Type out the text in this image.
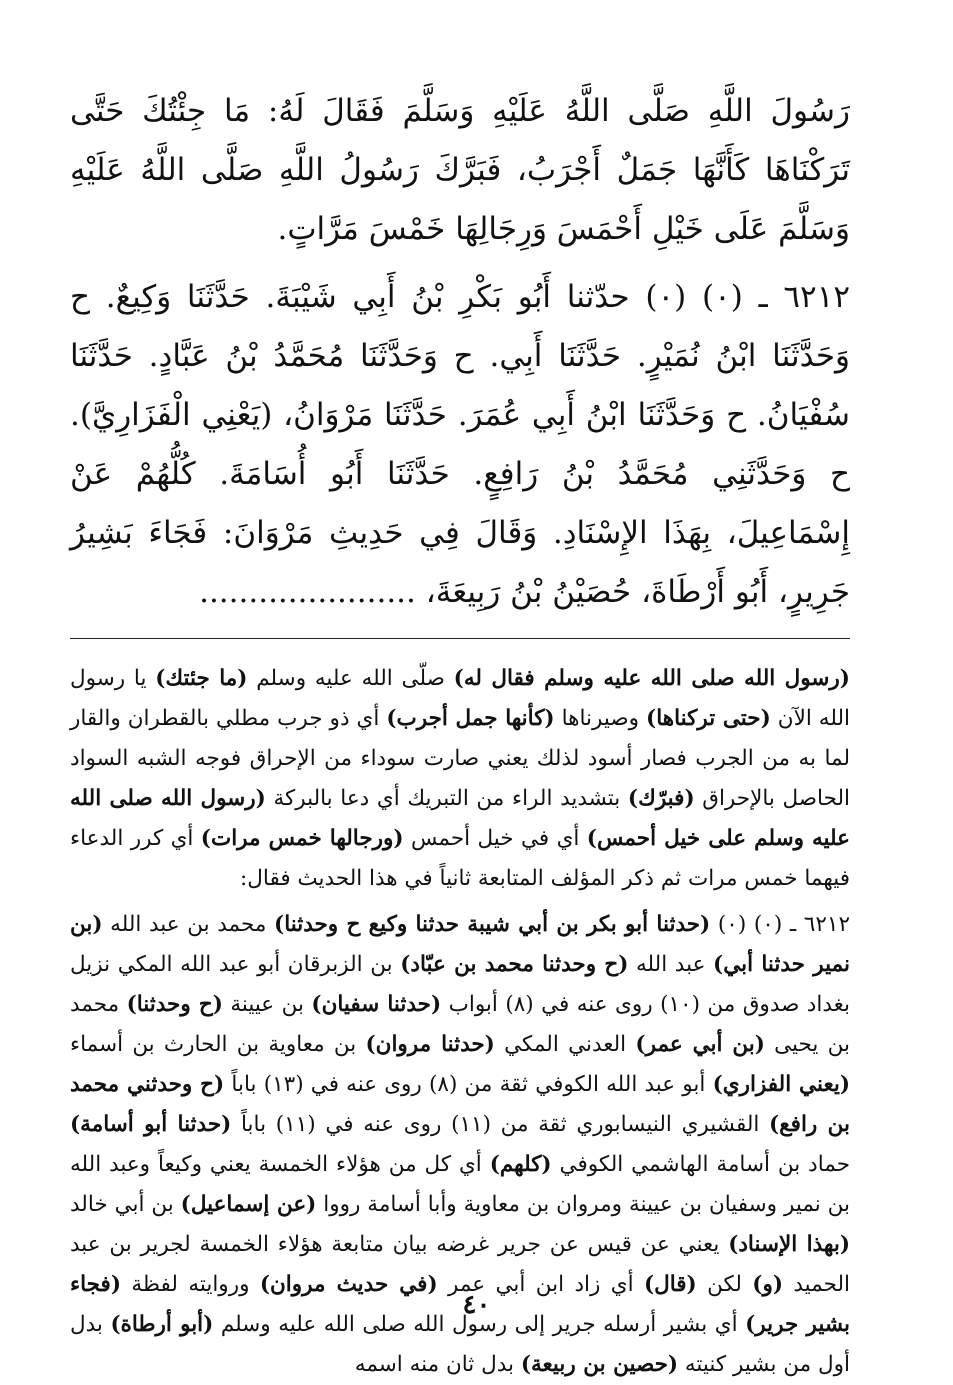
رَسُولَ اللَّهِ صَلَّى اللَّهُ عَلَيْهِ وَسَلَّمَ فَقَالَ لَهُ: مَا جِئْتُكَ حَتَّى تَرَكْنَاهَا كَأَنَّهَا جَمَلٌ أَجْرَبُ، فَبَرَّكَ رَسُولُ اللَّهِ صَلَّى اللَّهُ عَلَيْهِ وَسَلَّمَ عَلَى خَيْلِ أَحْمَسَ وَرِجَالِهَا خَمْسَ مَرَّاتٍ.

٦٢١٢ ـ (٠) (٠) حدّثنا أَبُو بَكْرِ بْنُ أَبِي شَيْبَةَ. حَدَّثَنَا وَكِيعٌ. ح وَحَدَّثَنَا ابْنُ نُمَيْرٍ. حَدَّثَنَا أَبِي. ح وَحَدَّثَنَا مُحَمَّدُ بْنُ عَبَّادٍ. حَدَّثَنَا سُفْيَانُ. ح وَحَدَّثَنَا ابْنُ أَبِي عُمَرَ. حَدَّثَنَا مَرْوَانُ، (يَعْنِي الْفَزَارِيَّ). ح وَحَدَّثَنِي مُحَمَّدُ بْنُ رَافِعٍ. حَدَّثَنَا أَبُو أُسَامَةَ. كُلُّهُمْ عَنْ إِسْمَاعِيلَ، بِهَذَا الإِسْنَادِ. وَقَالَ فِي حَدِيثِ مَرْوَانَ: فَجَاءَ بَشِيرُ جَرِيرٍ، أَبُو أَرْطَاةَ، حُصَيْنُ بْنُ رَبِيعَةَ، ......................

(رسول الله صلى الله عليه وسلم فقال له) صلّى الله عليه وسلم (ما جئتك) يا رسول الله الآن (حتى تركناها) وصيرناها (كأنها جمل أجرب) أي ذو جرب مطلي بالقطران والقار لما به من الجرب فصار أسود لذلك يعني صارت سوداء من الإحراق فوجه الشبه السواد الحاصل بالإحراق (فبرّك) بتشديد الراء من التبريك أي دعا بالبركة (رسول الله صلى الله عليه وسلم على خيل أحمس) أي في خيل أحمس (ورجالها خمس مرات) أي كرر الدعاء فيهما خمس مرات ثم ذكر المؤلف المتابعة ثانياً في هذا الحديث فقال:

٦٢١٢ ـ (٠) (٠) (حدثنا أبو بكر بن أبي شيبة حدثنا وكيع ح وحدثنا) محمد بن عبد الله (بن نمير حدثنا أبي) عبد الله (ح وحدثنا محمد بن عبّاد) بن الزبرقان أبو عبد الله المكي نزيل بغداد صدوق من (١٠) روى عنه في (٨) أبواب (حدثنا سفيان) بن عيينة (ح وحدثنا) محمد بن يحيى (بن أبي عمر) العدني المكي (حدثنا مروان) بن معاوية بن الحارث بن أسماء (يعني الفزاري) أبو عبد الله الكوفي ثقة من (٨) روى عنه في (١٣) باباً (ح وحدثني محمد بن رافع) القشيري النيسابوري ثقة من (١١) روى عنه في (١١) باباً (حدثنا أبو أسامة) حماد بن أسامة الهاشمي الكوفي (كلهم) أي كل من هؤلاء الخمسة يعني وكيعاً وعبد الله بن نمير وسفيان بن عيينة ومروان بن معاوية وأبا أسامة رووا (عن إسماعيل) بن أبي خالد (بهذا الإسناد) يعني عن قيس عن جرير غرضه بيان متابعة هؤلاء الخمسة لجرير بن عبد الحميد (و) لكن (قال) أي زاد ابن أبي عمر (في حديث مروان) وروايته لفظة (فجاء بشير جرير) أي بشير أرسله جرير إلى رسول الله صلى الله عليه وسلم (أبو أرطاة) بدل أول من بشير كنيته (حصين بن ربيعة) بدل ثان منه اسمه

٤٠
